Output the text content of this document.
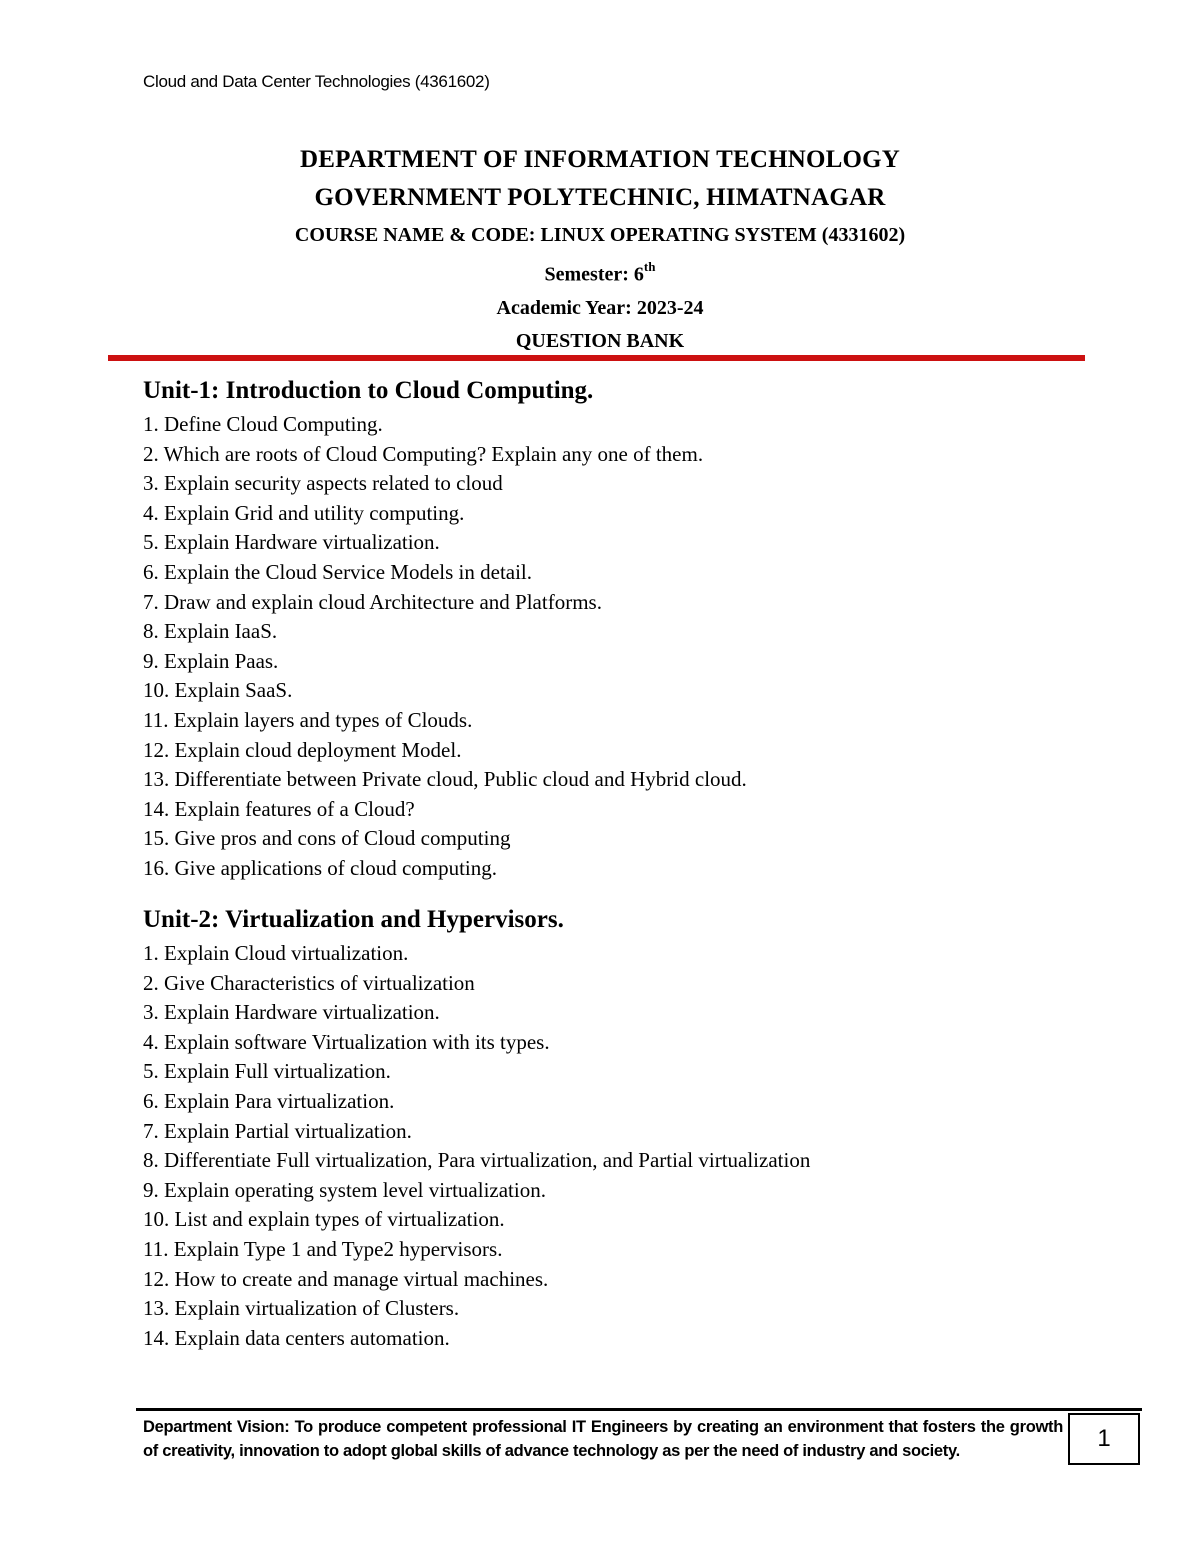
Cloud and Data Center Technologies (4361602)
DEPARTMENT OF INFORMATION TECHNOLOGY
GOVERNMENT POLYTECHNIC, HIMATNAGAR
COURSE NAME & CODE: LINUX OPERATING SYSTEM (4331602)
Semester: 6th
Academic Year: 2023-24
QUESTION BANK
Unit-1: Introduction to Cloud Computing.
1. Define Cloud Computing.
2. Which are roots of Cloud Computing? Explain any one of them.
3. Explain security aspects related to cloud
4. Explain Grid and utility computing.
5. Explain Hardware virtualization.
6. Explain the Cloud Service Models in detail.
7. Draw and explain cloud Architecture and Platforms.
8. Explain IaaS.
9. Explain Paas.
10. Explain SaaS.
11. Explain layers and types of Clouds.
12. Explain cloud deployment Model.
13. Differentiate between Private cloud, Public cloud and Hybrid cloud.
14. Explain features of a Cloud?
15. Give pros and cons of Cloud computing
16. Give applications of cloud computing.
Unit-2: Virtualization and Hypervisors.
1. Explain Cloud virtualization.
2. Give Characteristics of virtualization
3. Explain Hardware virtualization.
4. Explain software Virtualization with its types.
5. Explain Full virtualization.
6. Explain Para virtualization.
7. Explain Partial virtualization.
8. Differentiate Full virtualization, Para virtualization, and Partial virtualization
9. Explain operating system level virtualization.
10. List and explain types of virtualization.
11. Explain Type 1 and Type2 hypervisors.
12. How to create and manage virtual machines.
13. Explain virtualization of Clusters.
14. Explain data centers automation.
Department Vision: To produce competent professional IT Engineers by creating an environment that fosters the growth of creativity, innovation to adopt global skills of advance technology as per the need of industry and society.	1
